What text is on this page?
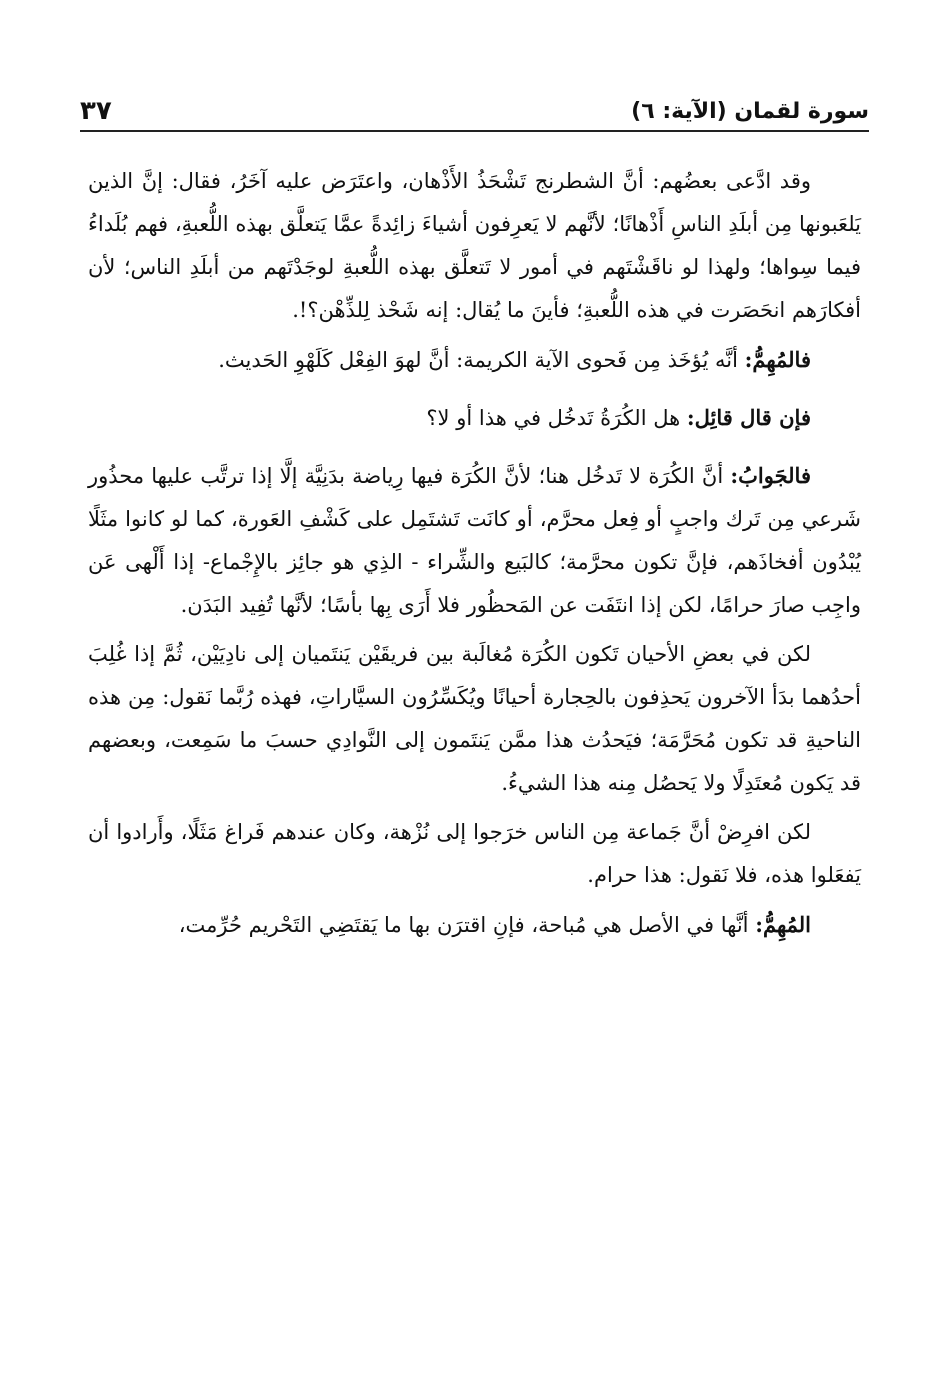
سورة لقمان (الآية: ٦)
٣٧

وقد ادَّعى بعضُهم: أنَّ الشطرنج تَشْحَذُ الأَذْهان، واعتَرَض عليه آخَرُ، فقال: إنَّ الذين يَلعَبونها مِن أبلَدِ الناسِ أَذْهانًا؛ لأنَّهم لا يَعرِفون أشياءَ زائِدةً عمَّا يَتعلَّق بهذه اللُّعبةِ، فهم بُلَداءُ فيما سِواها؛ ولهذا لو ناقَشْتَهم في أمور لا تَتعلَّق بهذه اللُّعبةِ لوجَدْتَهم من أبلَدِ الناس؛ لأن أفكارَهم انحَصَرت في هذه اللُّعبةِ؛ فأينَ ما يُقال: إنه شَحْذ لِلذِّهْن؟!.

فالمُهِمُّ: أنَّه يُؤخَذ مِن فَحوى الآية الكريمة: أنَّ لهوَ الفِعْل كَلَهْوِ الحَديث.

فإن قال قائِل: هل الكُرَةُ تَدخُل في هذا أو لا؟

فالجَوابُ: أنَّ الكُرَة لا تَدخُل هنا؛ لأنَّ الكُرَة فيها رِياضة بدَنِيَّة إلَّا إذا ترتَّب عليها محذُور شَرعي مِن تَرك واجبٍ أو فِعل محرَّم، أو كانَت تَشتَمِل على كَشْفِ العَورة، كما لو كانوا مثَلًا يُبْدُون أفخاذَهم، فإنَّ تكون محرَّمة؛ كالبَيع والشِّراء - الذِي هو جائِز بالإِجْماع- إذا أَلْهى عَن واجِب صارَ حرامًا، لكن إذا انتَفَت عن المَحظُور فلا أَرَى بِها بأسًا؛ لأنَّها تُفِيد البَدَن.

لكن في بعضِ الأحيان تَكون الكُرَة مُغالَبة بين فريقَيْن يَنتَميان إلى نادِيَيْن، ثُمَّ إذا غُلِبَ أحدُهما بدَأ الآخرون يَحذِفون بالحِجارة أحيانًا ويُكَسِّرُون السيَّاراتِ، فهذه رُبَّما نَقول: مِن هذه الناحيةِ قد تكون مُحَرَّمَة؛ فيَحدُث هذا ممَّن يَنتَمون إلى النَّوادِي حسبَ ما سَمِعت، وبعضهم قد يَكون مُعتَدِلًا ولا يَحصُل مِنه هذا الشيءُ.

لكن افرِضْ أنَّ جَماعة مِن الناس خرَجوا إلى نُزْهة، وكان عندهم فَراغ مَثَلًا، وأَرادوا أن يَفعَلوا هذه، فلا نَقول: هذا حرام.

المُهِمُّ: أنَّها في الأصل هي مُباحة، فإنِ اقترَن بها ما يَقتَضِي التَحْريم حُرِّمت،
